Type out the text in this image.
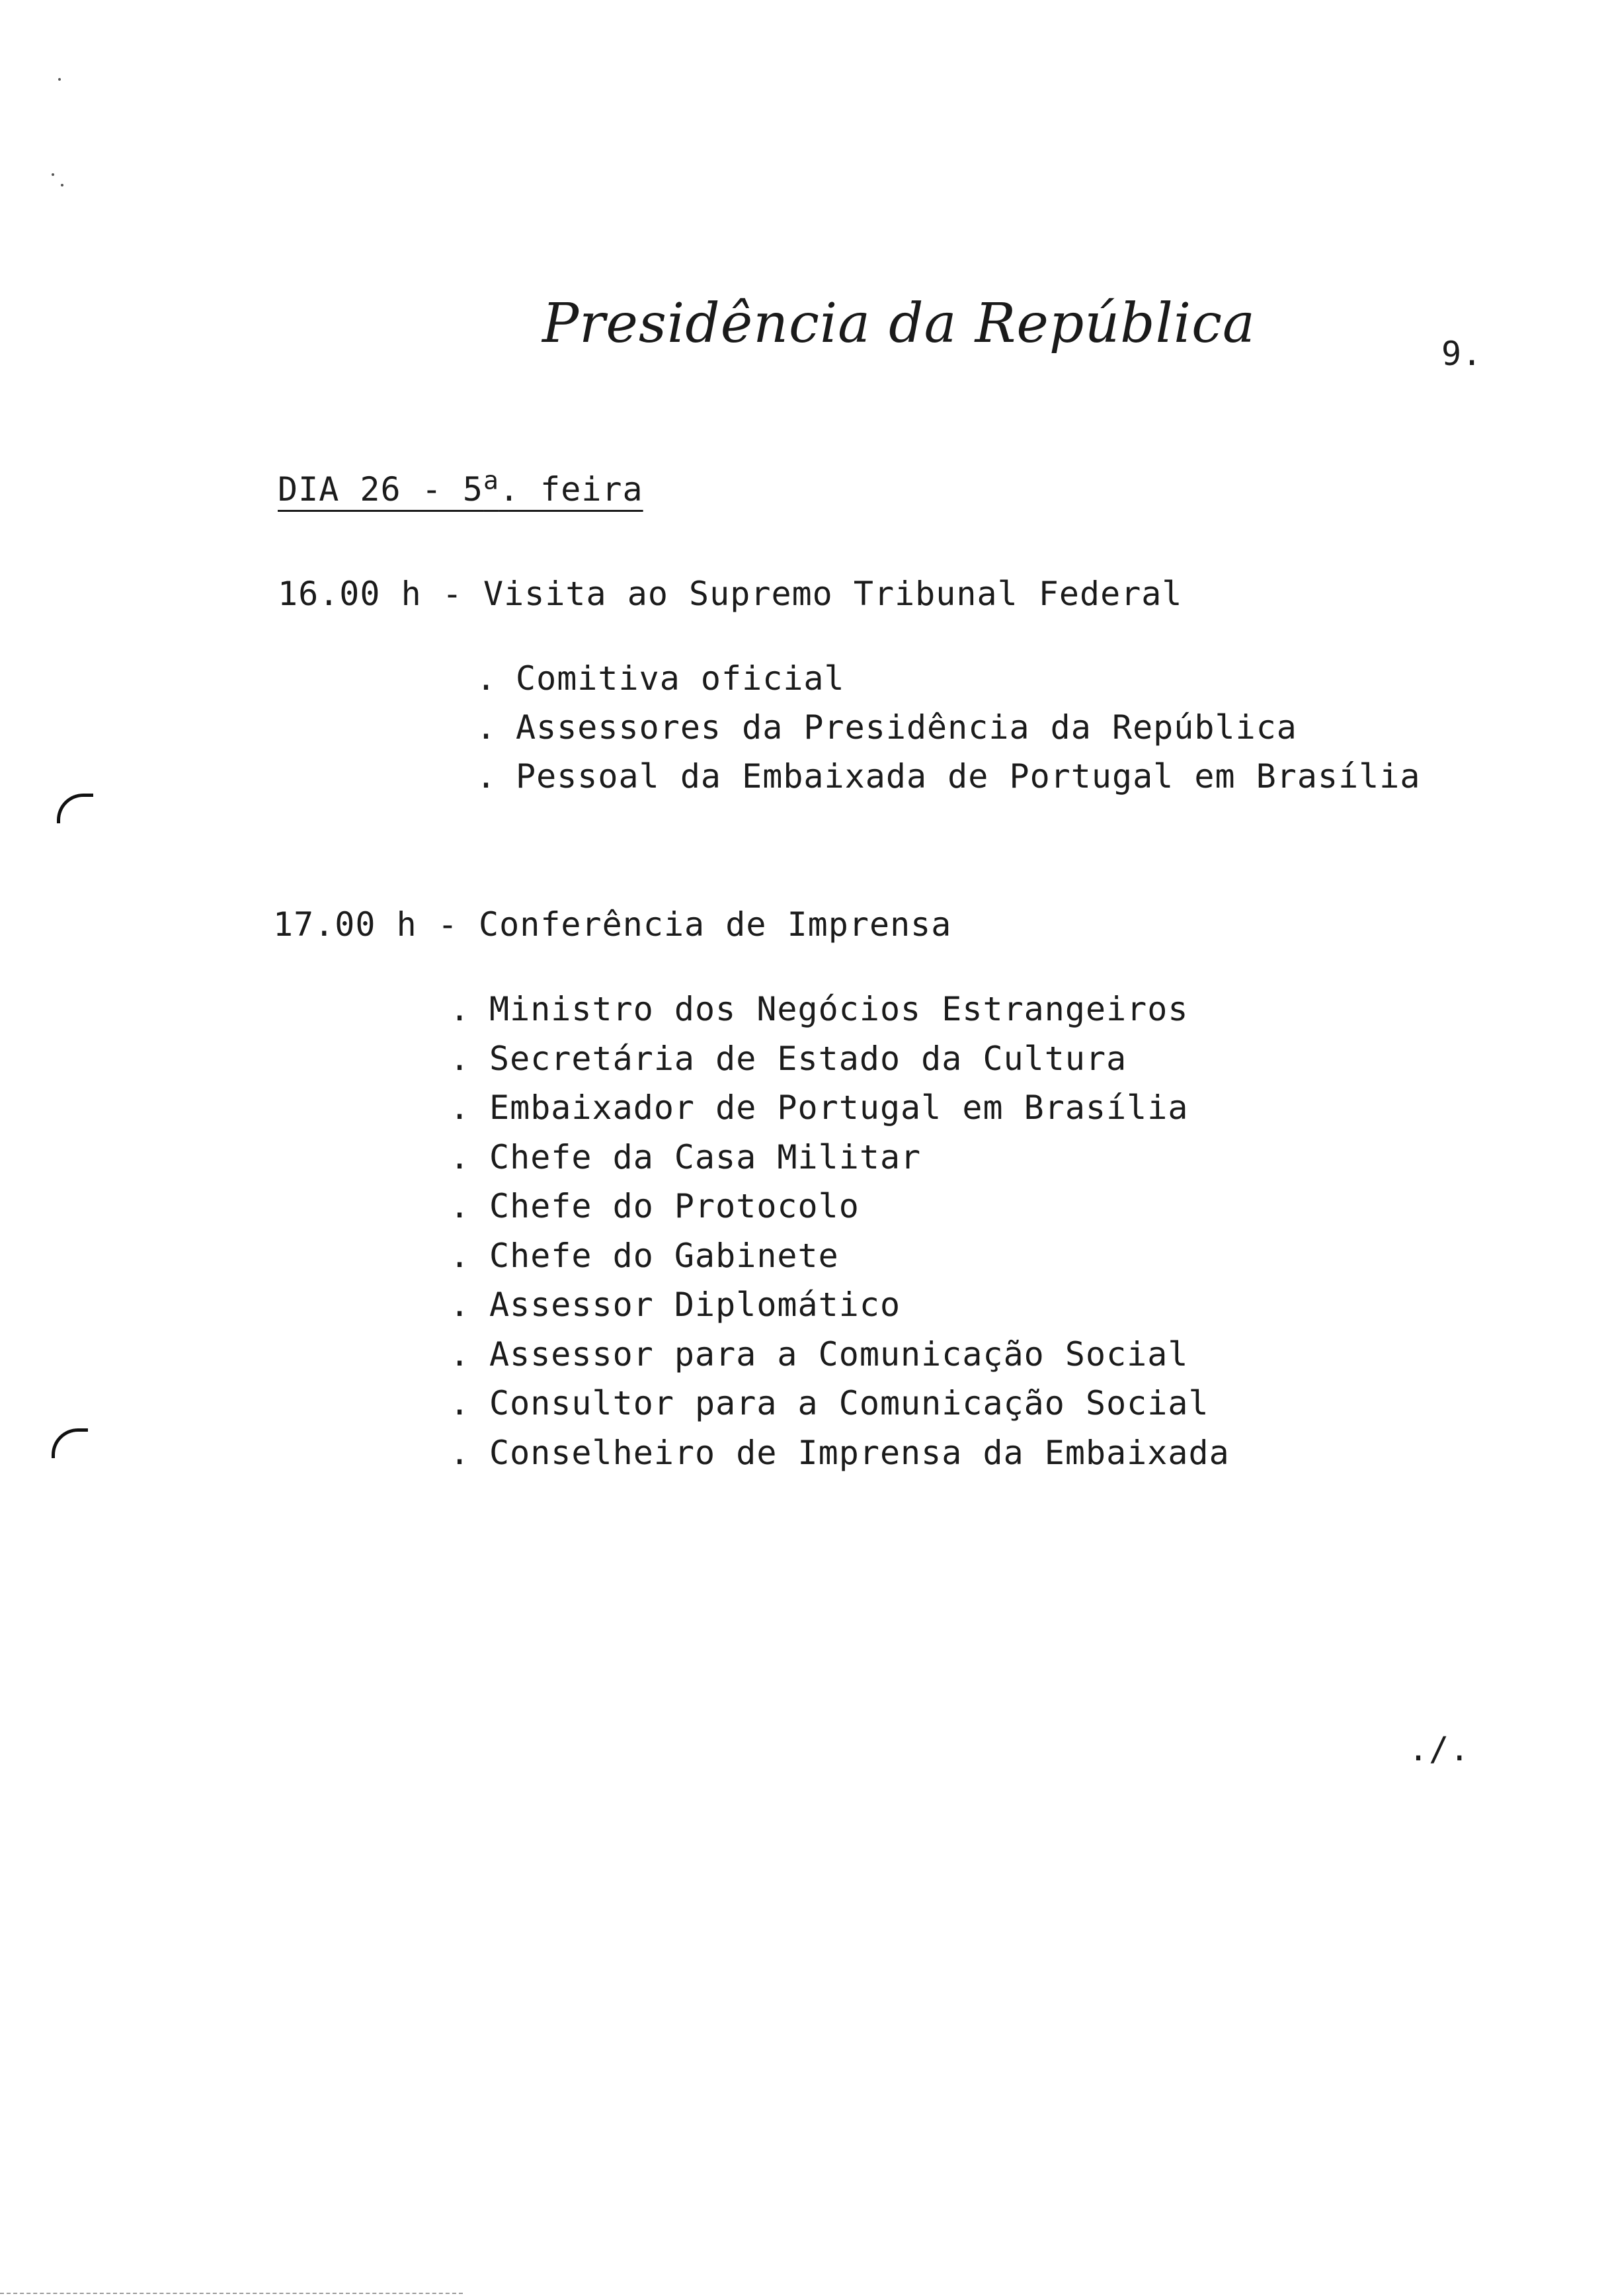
Presidência da República	9.
DIA 26 - 5$^a$. feira
16.00 h - Visita ao Supremo Tribunal Federal
. Comitiva oficial
. Assessores da Presidência da República
. Pessoal da Embaixada de Portugal em Brasília
17.00 h - Conferência de Imprensa
. Ministro dos Negócios Estrangeiros
. Secretária de Estado da Cultura
. Embaixador de Portugal em Brasília
. Chefe da Casa Militar
. Chefe do Protocolo
. Chefe do Gabinete
. Assessor Diplomático
. Assessor para a Comunicação Social
. Consultor para a Comunicação Social
. Conselheiro de Imprensa da Embaixada
./.
